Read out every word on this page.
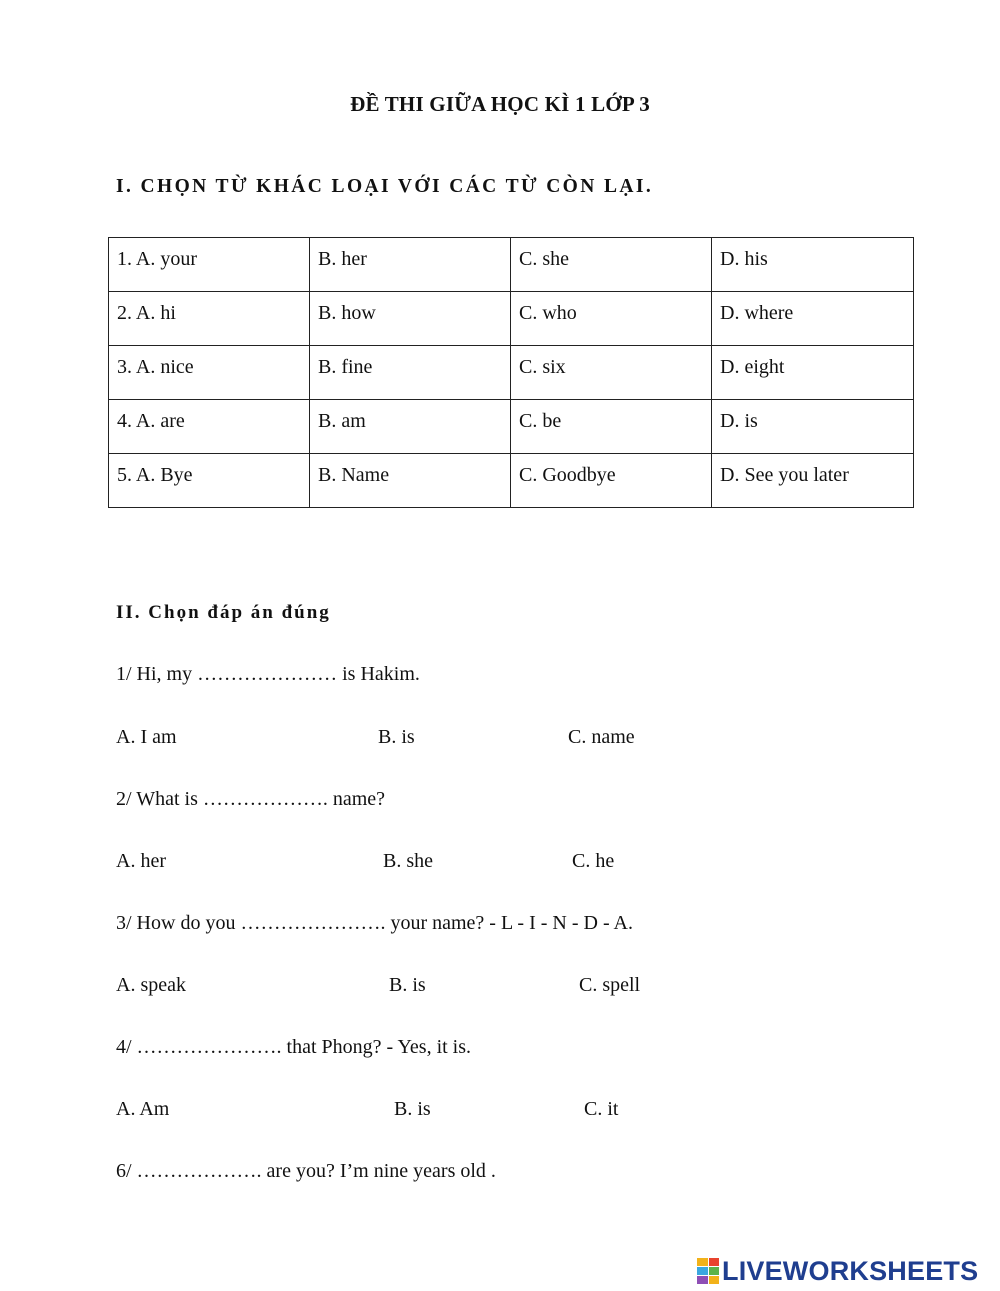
ĐỀ THI GIỮA HỌC KÌ 1 LỚP 3
I. CHỌN TỪ KHÁC LOẠI VỚI CÁC TỪ CÒN LẠI.
1. A. your	B. her	C. she	D. his
2. A. hi	B. how	C. who	D. where
3. A. nice	B. fine	C. six	D. eight
4. A. are	B. am	C. be	D. is
5. A. Bye	B. Name	C. Goodbye	D. See you later
II. Chọn đáp án đúng
1/ Hi, my ………………… is Hakim.
A. I am	B. is	C. name
2/ What is ………………. name?
A. her	B. she	C. he
3/ How do you …………………. your name? - L - I - N - D - A.
A. speak	B. is	C. spell
4/ …………………. that Phong? - Yes, it is.
A. Am	B. is	C. it
6/ ………………. are you? I’m nine years old .
LIVEWORKSHEETS
